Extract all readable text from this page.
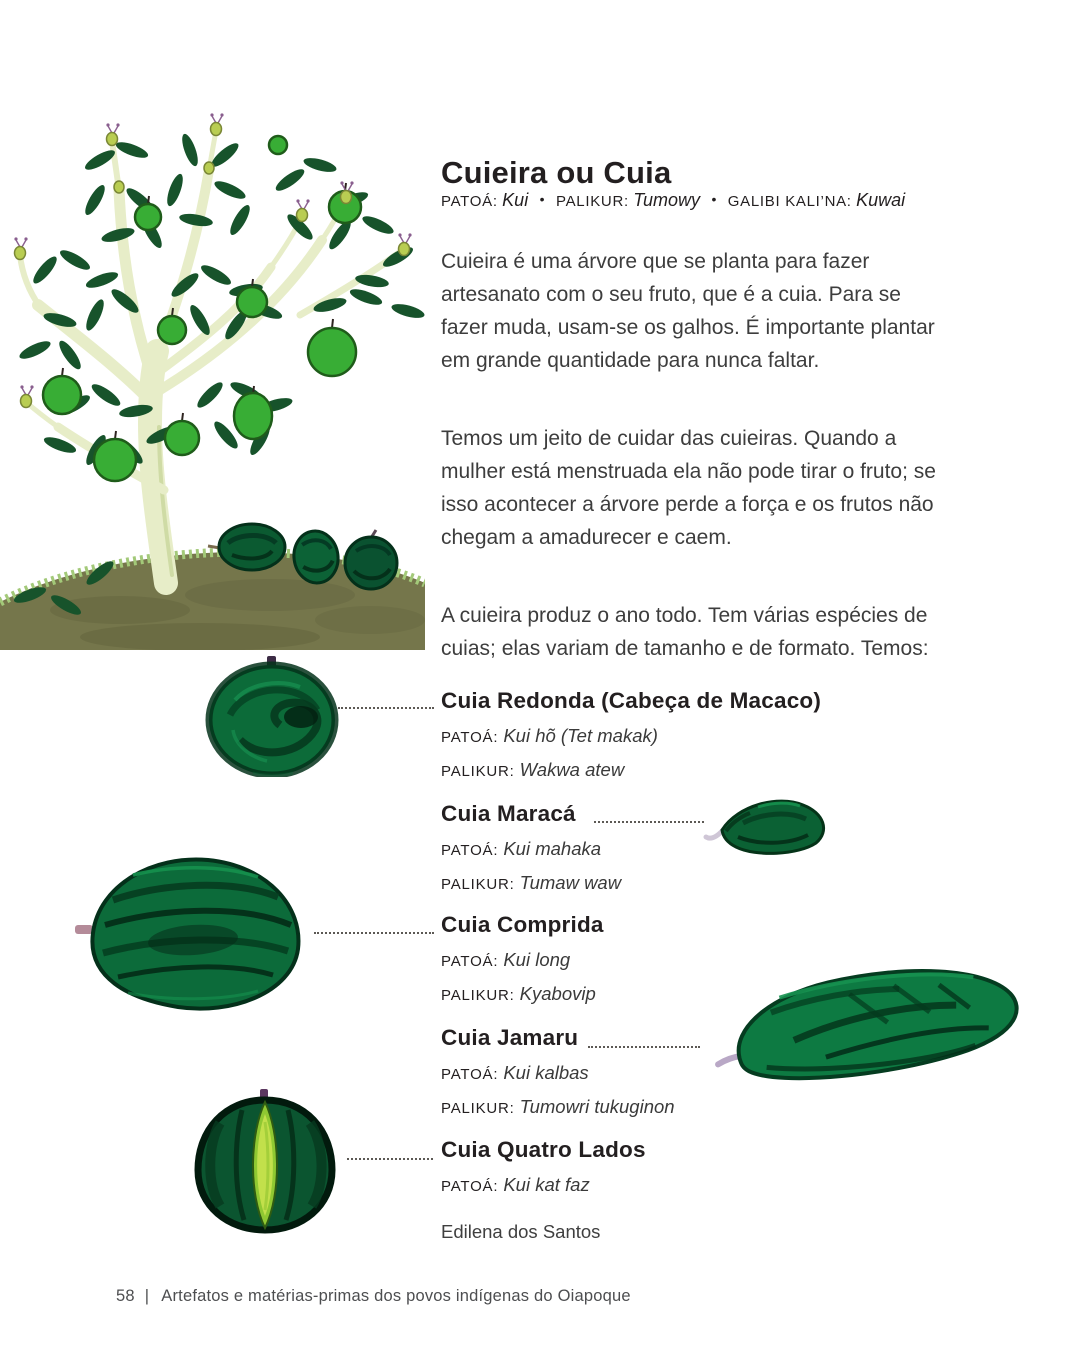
Cuieira ou Cuia
PATOÁ: Kui • PALIKUR: Tumowy • GALIBI KALI’NA: Kuwai

Cuieira é uma árvore que se planta para fazer artesanato com o seu fruto, que é a cuia. Para se fazer muda, usam-se os galhos. É importante plantar em grande quantidade para nunca faltar.

Temos um jeito de cuidar das cuieiras. Quando a mulher está menstruada ela não pode tirar o fruto; se isso acontecer a árvore perde a força e os frutos não chegam a amadurecer e caem.

A cuieira produz o ano todo. Tem várias espécies de cuias; elas variam de tamanho e de formato. Temos:

Cuia Redonda (Cabeça de Macaco)
PATOÁ: Kui hõ (Tet makak)
PALIKUR: Wakwa atew
Cuia Maracá
PATOÁ: Kui mahaka
PALIKUR: Tumaw waw
Cuia Comprida
PATOÁ: Kui long
PALIKUR: Kyabovip
Cuia Jamaru
PATOÁ: Kui kalbas
PALIKUR: Tumowri tukuginon
Cuia Quatro Lados
PATOÁ: Kui kat faz
Edilena dos Santos
58 | Artefatos e matérias-primas dos povos indígenas do Oiapoque
